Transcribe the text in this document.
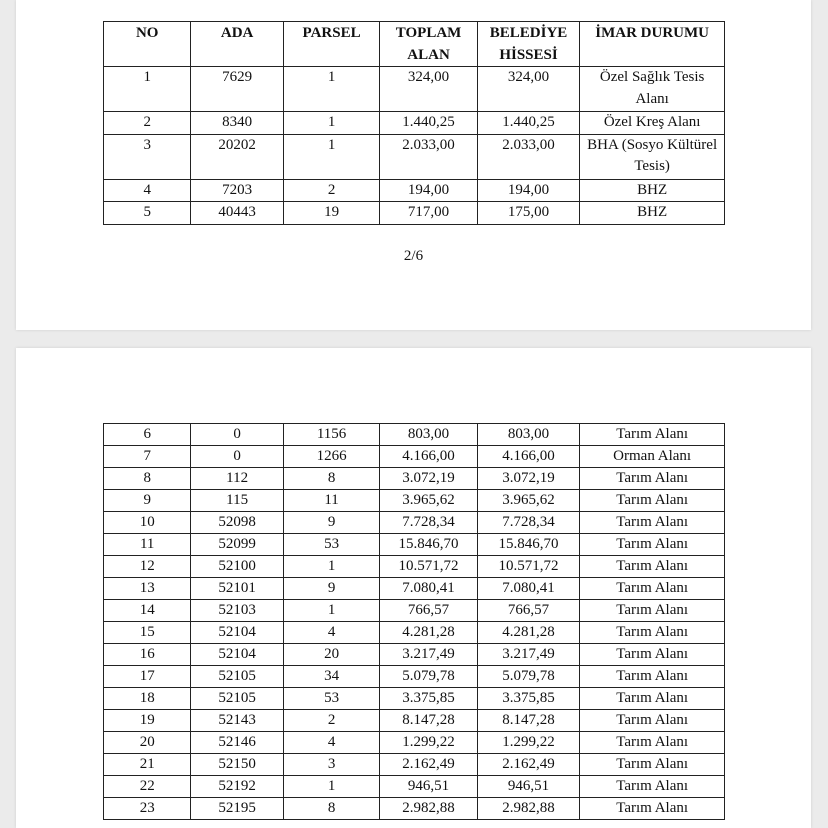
NO	ADA	PARSEL	TOPLAM ALAN	BELEDİYE HİSSESİ	İMAR DURUMU
1	7629	1	324,00	324,00	Özel Sağlık Tesis Alanı
2	8340	1	1.440,25	1.440,25	Özel Kreş Alanı
3	20202	1	2.033,00	2.033,00	BHA (Sosyo Kültürel Tesis)
4	7203	2	194,00	194,00	BHZ
5	40443	19	717,00	175,00	BHZ
2/6
6	0	1156	803,00	803,00	Tarım Alanı
7	0	1266	4.166,00	4.166,00	Orman Alanı
8	112	8	3.072,19	3.072,19	Tarım Alanı
9	115	11	3.965,62	3.965,62	Tarım Alanı
10	52098	9	7.728,34	7.728,34	Tarım Alanı
11	52099	53	15.846,70	15.846,70	Tarım Alanı
12	52100	1	10.571,72	10.571,72	Tarım Alanı
13	52101	9	7.080,41	7.080,41	Tarım Alanı
14	52103	1	766,57	766,57	Tarım Alanı
15	52104	4	4.281,28	4.281,28	Tarım Alanı
16	52104	20	3.217,49	3.217,49	Tarım Alanı
17	52105	34	5.079,78	5.079,78	Tarım Alanı
18	52105	53	3.375,85	3.375,85	Tarım Alanı
19	52143	2	8.147,28	8.147,28	Tarım Alanı
20	52146	4	1.299,22	1.299,22	Tarım Alanı
21	52150	3	2.162,49	2.162,49	Tarım Alanı
22	52192	1	946,51	946,51	Tarım Alanı
23	52195	8	2.982,88	2.982,88	Tarım Alanı
